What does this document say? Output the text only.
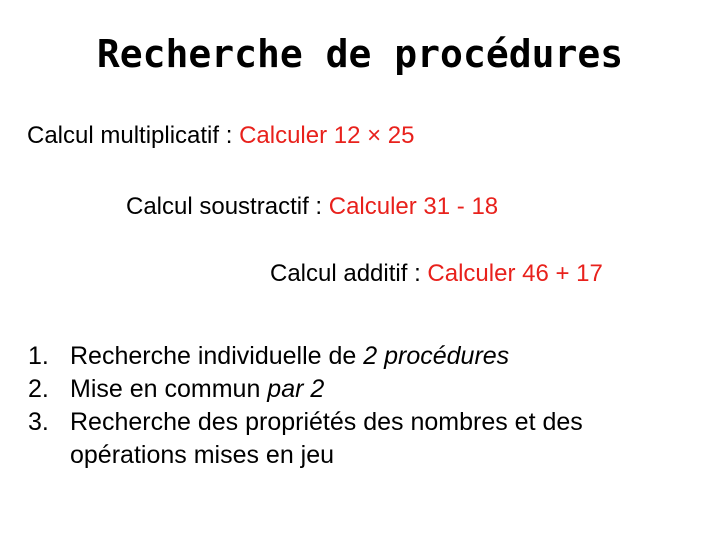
Recherche de procédures
Calcul multiplicatif : Calculer 12 × 25
Calcul soustractif : Calculer 31 - 18
Calcul additif : Calculer 46 + 17
1. Recherche individuelle de 2 procédures
2. Mise en commun par 2
3. Recherche des propriétés des nombres et des opérations mises en jeu
